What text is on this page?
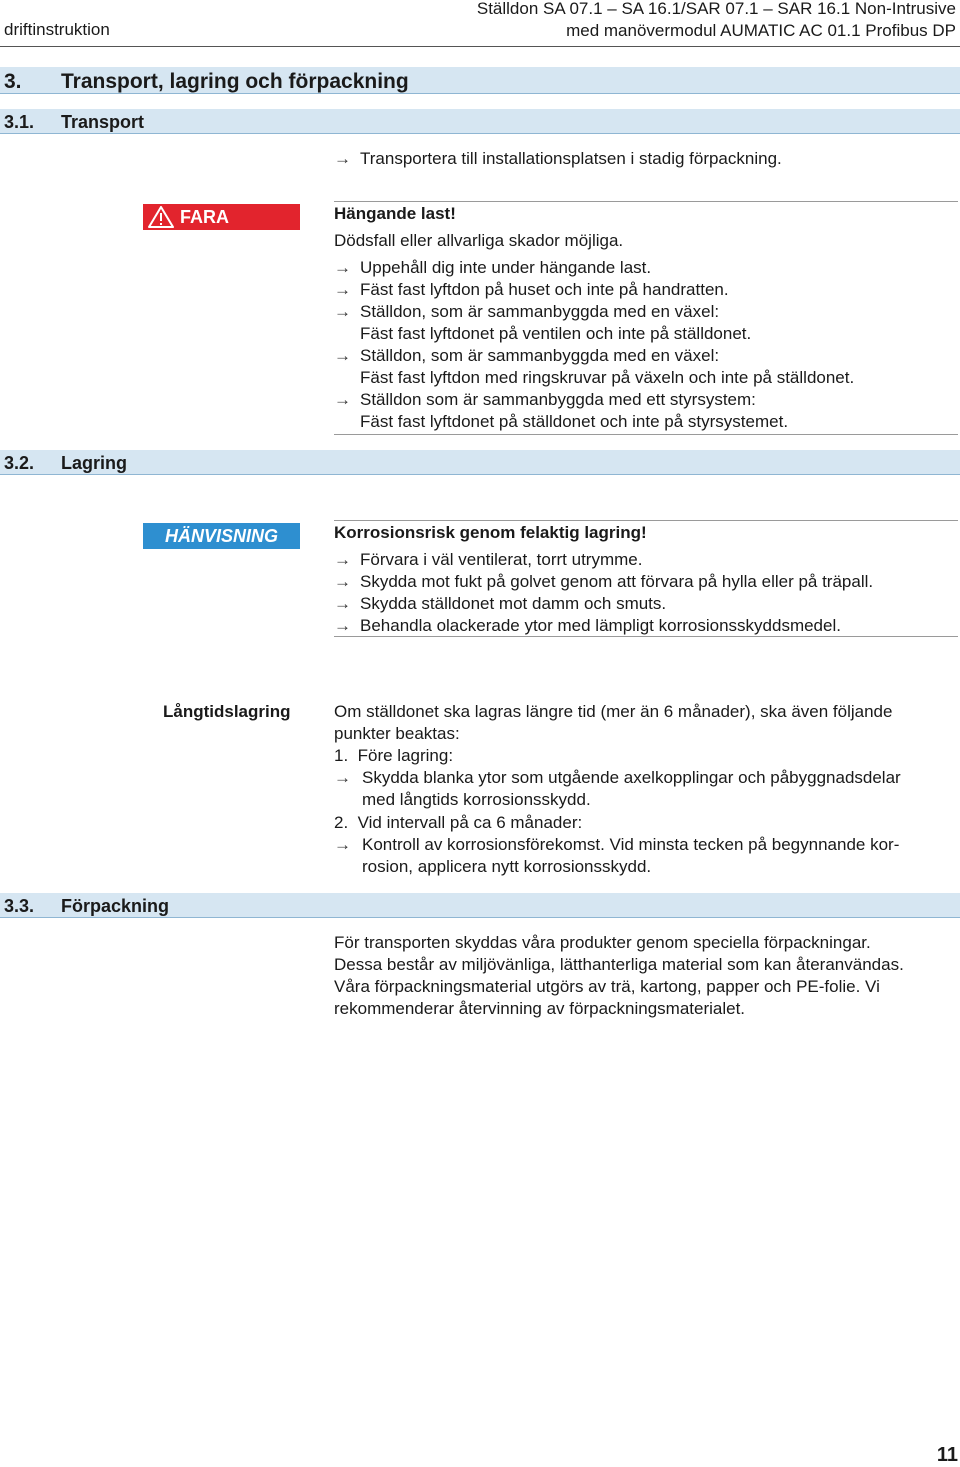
driftinstruktion
Ställdon SA 07.1 – SA 16.1/SAR 07.1 – SAR 16.1 Non-Intrusive
med manövermodul AUMATIC AC 01.1 Profibus DP
3. Transport, lagring och förpackning
3.1. Transport
→ Transportera till installationsplatsen i stadig förpackning.
FARA	Hängande last!
Dödsfall eller allvarliga skador möjliga.
→ Uppehåll dig inte under hängande last.
→ Fäst fast lyftdon på huset och inte på handratten.
→ Ställdon, som är sammanbyggda med en växel:
Fäst fast lyftdonet på ventilen och inte på ställdonet.
→ Ställdon, som är sammanbyggda med en växel:
Fäst fast lyftdon med ringskruvar på växeln och inte på ställdonet.
→ Ställdon som är sammanbyggda med ett styrsystem:
Fäst fast lyftdonet på ställdonet och inte på styrsystemet.
3.2. Lagring
HÄNVISNING	Korrosionsrisk genom felaktig lagring!
→ Förvara i väl ventilerat, torrt utrymme.
→ Skydda mot fukt på golvet genom att förvara på hylla eller på träpall.
→ Skydda ställdonet mot damm och smuts.
→ Behandla olackerade ytor med lämpligt korrosionsskyddsmedel.
Långtidslagring	Om ställdonet ska lagras längre tid (mer än 6 månader), ska även följande
punkter beaktas:
1.  Före lagring:
→ Skydda blanka ytor som utgående axelkopplingar och påbyggnadsdelar
med långtids korrosionsskydd.
2.  Vid intervall på ca 6 månader:
→ Kontroll av korrosionsförekomst. Vid minsta tecken på begynnande kor-
rosion, applicera nytt korrosionsskydd.
3.3. Förpackning
För transporten skyddas våra produkter genom speciella förpackningar.
Dessa består av miljövänliga, lätthanterliga material som kan återanvändas.
Våra förpackningsmaterial utgörs av trä, kartong, papper och PE-folie. Vi
rekommenderar återvinning av förpackningsmaterialet.
11
